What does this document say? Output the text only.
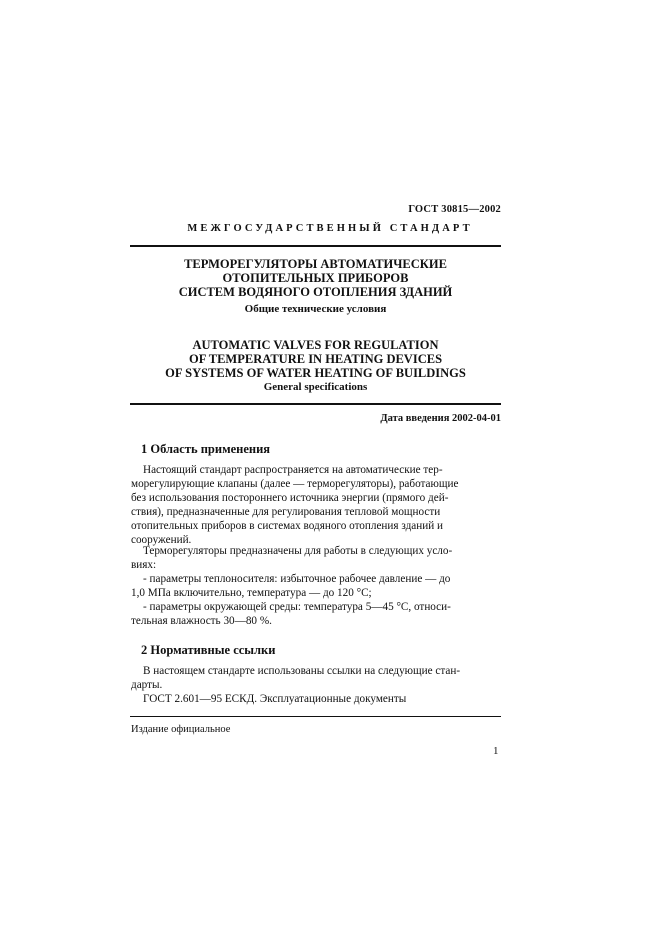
ГОСТ 30815—2002
МЕЖГОСУДАРСТВЕННЫЙ СТАНДАРТ
ТЕРМОРЕГУЛЯТОРЫ АВТОМАТИЧЕСКИЕ
ОТОПИТЕЛЬНЫХ ПРИБОРОВ
СИСТЕМ ВОДЯНОГО ОТОПЛЕНИЯ ЗДАНИЙ
Общие технические условия
AUTOMATIC VALVES FOR REGULATION
OF TEMPERATURE IN HEATING DEVICES
OF SYSTEMS OF WATER HEATING OF BUILDINGS
General specifications
Дата введения 2002-04-01
1 Область применения
Настоящий стандарт распространяется на автоматические тер-
морегулирующие клапаны (далее — терморегуляторы), работающие
без использования постороннего источника энергии (прямого дей-
ствия), предназначенные для регулирования тепловой мощности
отопительных приборов в системах водяного отопления зданий и
сооружений.
Терморегуляторы предназначены для работы в следующих усло-
виях:
- параметры теплоносителя: избыточное рабочее давление — до
1,0 МПа включительно, температура — до 120 °С;
- параметры окружающей среды: температура 5—45 °С, относи-
тельная влажность 30—80 %.
2 Нормативные ссылки
В настоящем стандарте использованы ссылки на следующие стан-
дарты.
ГОСТ 2.601—95 ЕСКД. Эксплуатационные документы
Издание официальное
1
